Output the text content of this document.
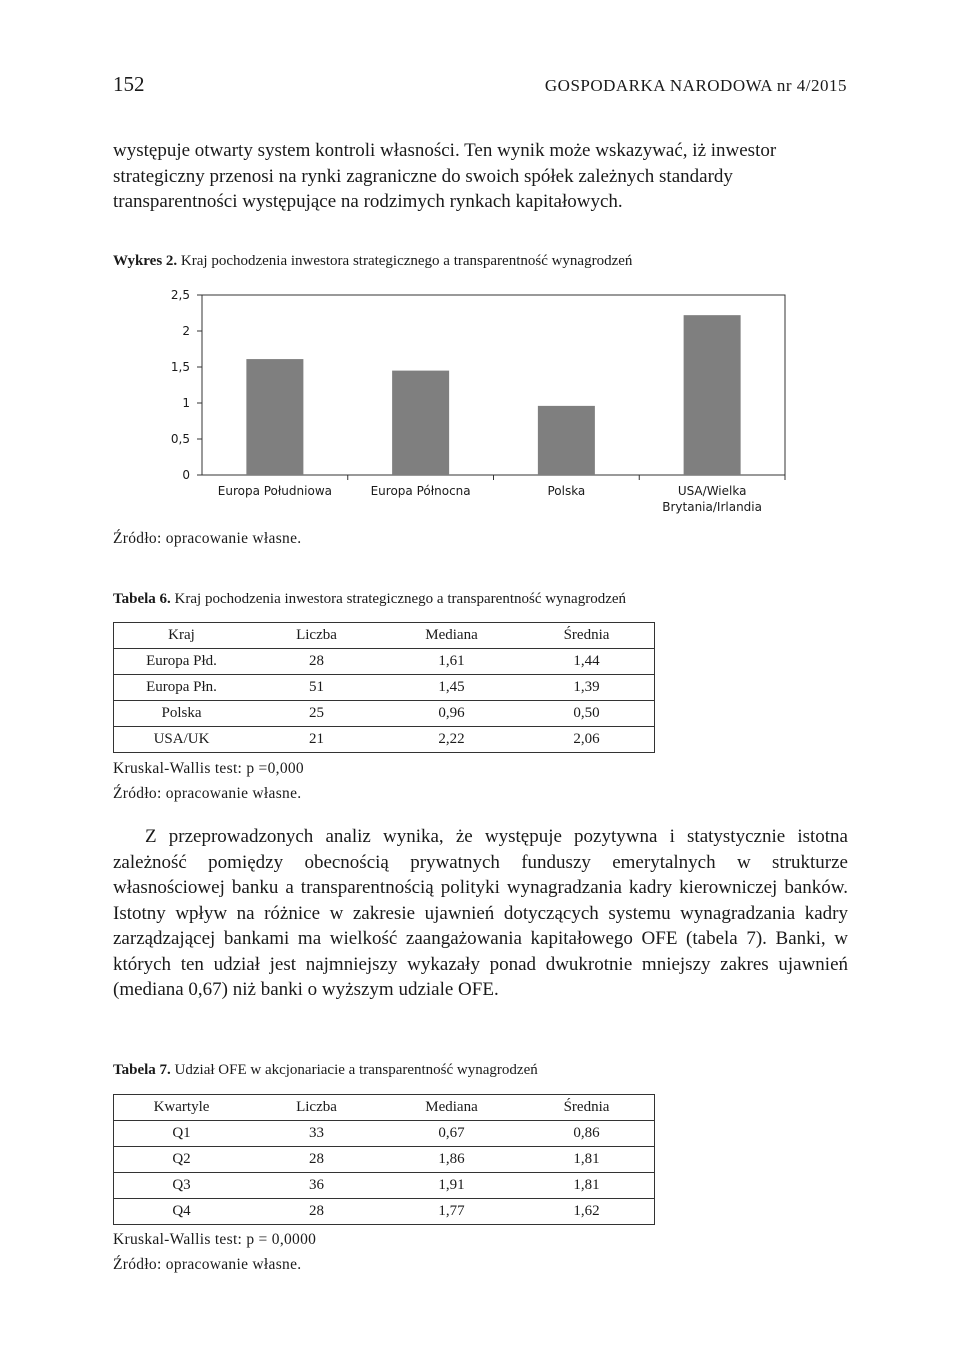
152	GOSPODARKA NARODOWA nr 4/2015
występuje otwarty system kontroli własności. Ten wynik może wskazywać, iż inwestor strategiczny przenosi na rynki zagraniczne do swoich spółek zależnych standardy transparentności występujące na rodzimych rynkach kapitałowych.
Wykres 2. Kraj pochodzenia inwestora strategicznego a transparentność wynagrodzeń
0
0,5
1
1,5
2
2,5
Europa Południowa	Europa Północna	Polska	USA/Wielka
Brytania/Irlandia
Źródło: opracowanie własne.
Tabela 6. Kraj pochodzenia inwestora strategicznego a transparentność wynagrodzeń
Kraj	Liczba	Mediana	Średnia
Europa Płd.	28	1,61	1,44
Europa Płn.	51	1,45	1,39
Polska	25	0,96	0,50
USA/UK	21	2,22	2,06
Kruskal-Wallis test: p =0,000
Źródło: opracowanie własne.
Z przeprowadzonych analiz wynika, że występuje pozytywna i statystycznie istotna zależność pomiędzy obecnością prywatnych funduszy emerytalnych w strukturze własnościowej banku a transparentnością polityki wynagradzania kadry kierowniczej banków. Istotny wpływ na różnice w zakresie ujawnień dotyczących systemu wynagradzania kadry zarządzającej bankami ma wielkość zaangażowania kapitałowego OFE (tabela 7). Banki, w których ten udział jest najmniejszy wykazały ponad dwukrotnie mniejszy zakres ujawnień (mediana 0,67) niż banki o wyższym udziale OFE.
Tabela 7. Udział OFE w akcjonariacie a transparentność wynagrodzeń
Kwartyle	Liczba	Mediana	Średnia
Q1	33	0,67	0,86
Q2	28	1,86	1,81
Q3	36	1,91	1,81
Q4	28	1,77	1,62
Kruskal-Wallis test: p = 0,0000
Źródło: opracowanie własne.
